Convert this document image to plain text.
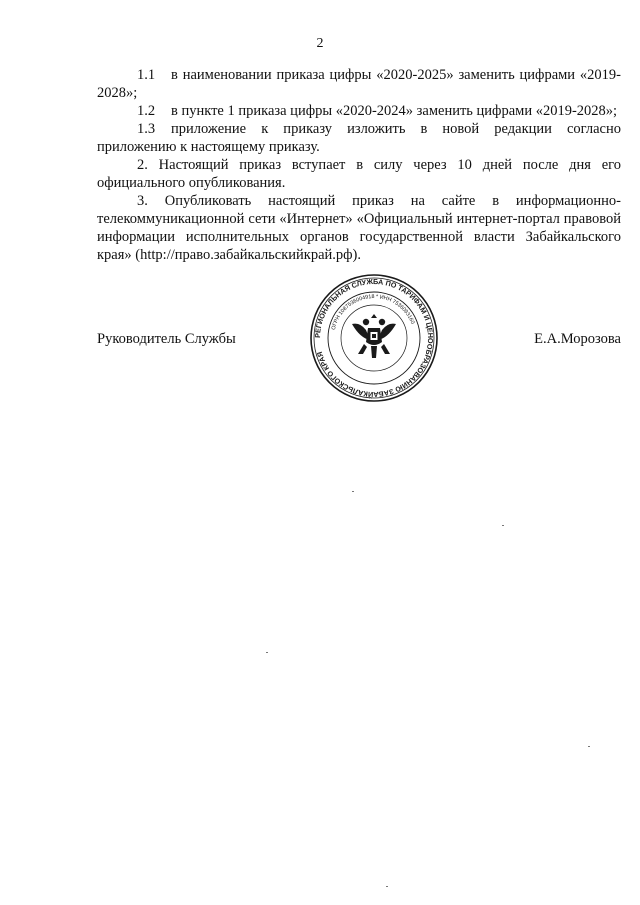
2

1.1 в наименовании приказа цифры «2020-2025» заменить цифрами «2019-2028»;

1.2 в пункте 1 приказа цифры «2020-2024» заменить цифрами «2019-2028»;

1.3 приложение к приказу изложить в новой редакции согласно приложению к настоящему приказу.

2. Настоящий приказ вступает в силу через 10 дней после дня его официального опубликования.

3. Опубликовать настоящий приказ на сайте в информационно-телекоммуникационной сети «Интернет» «Официальный интернет-портал правовой информации исполнительных органов государственной власти Забайкальского края» (http://право.забайкальскийкрай.рф).

Руководитель Службы	Е.А.Морозова
РЕГИОНАЛЬНАЯ СЛУЖБА ПО ТАРИФАМ И ЦЕНООБРАЗОВАНИЮ ЗАБАЙКАЛЬСКОГО КРАЯ
ОГРН 1087536004918 * ИНН 7536093160
